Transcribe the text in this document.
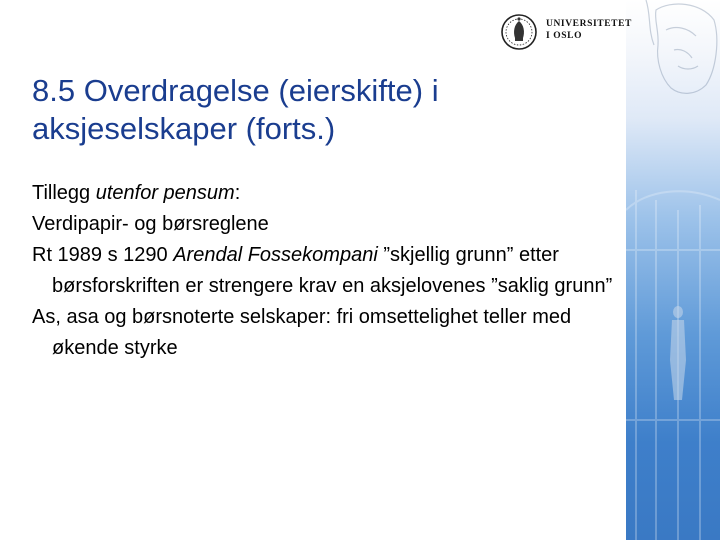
UNIVERSITETET
I OSLO
8.5 Overdragelse (eierskifte) i aksjeselskaper (forts.)

Tillegg utenfor pensum:

Verdipapir- og børsreglene

Rt 1989 s 1290 Arendal Fossekompani ”skjellig grunn” etter børsforskriften er strengere krav en aksjelovenes ”saklig grunn”

As, asa og børsnoterte selskaper: fri omsettelighet teller med økende styrke
